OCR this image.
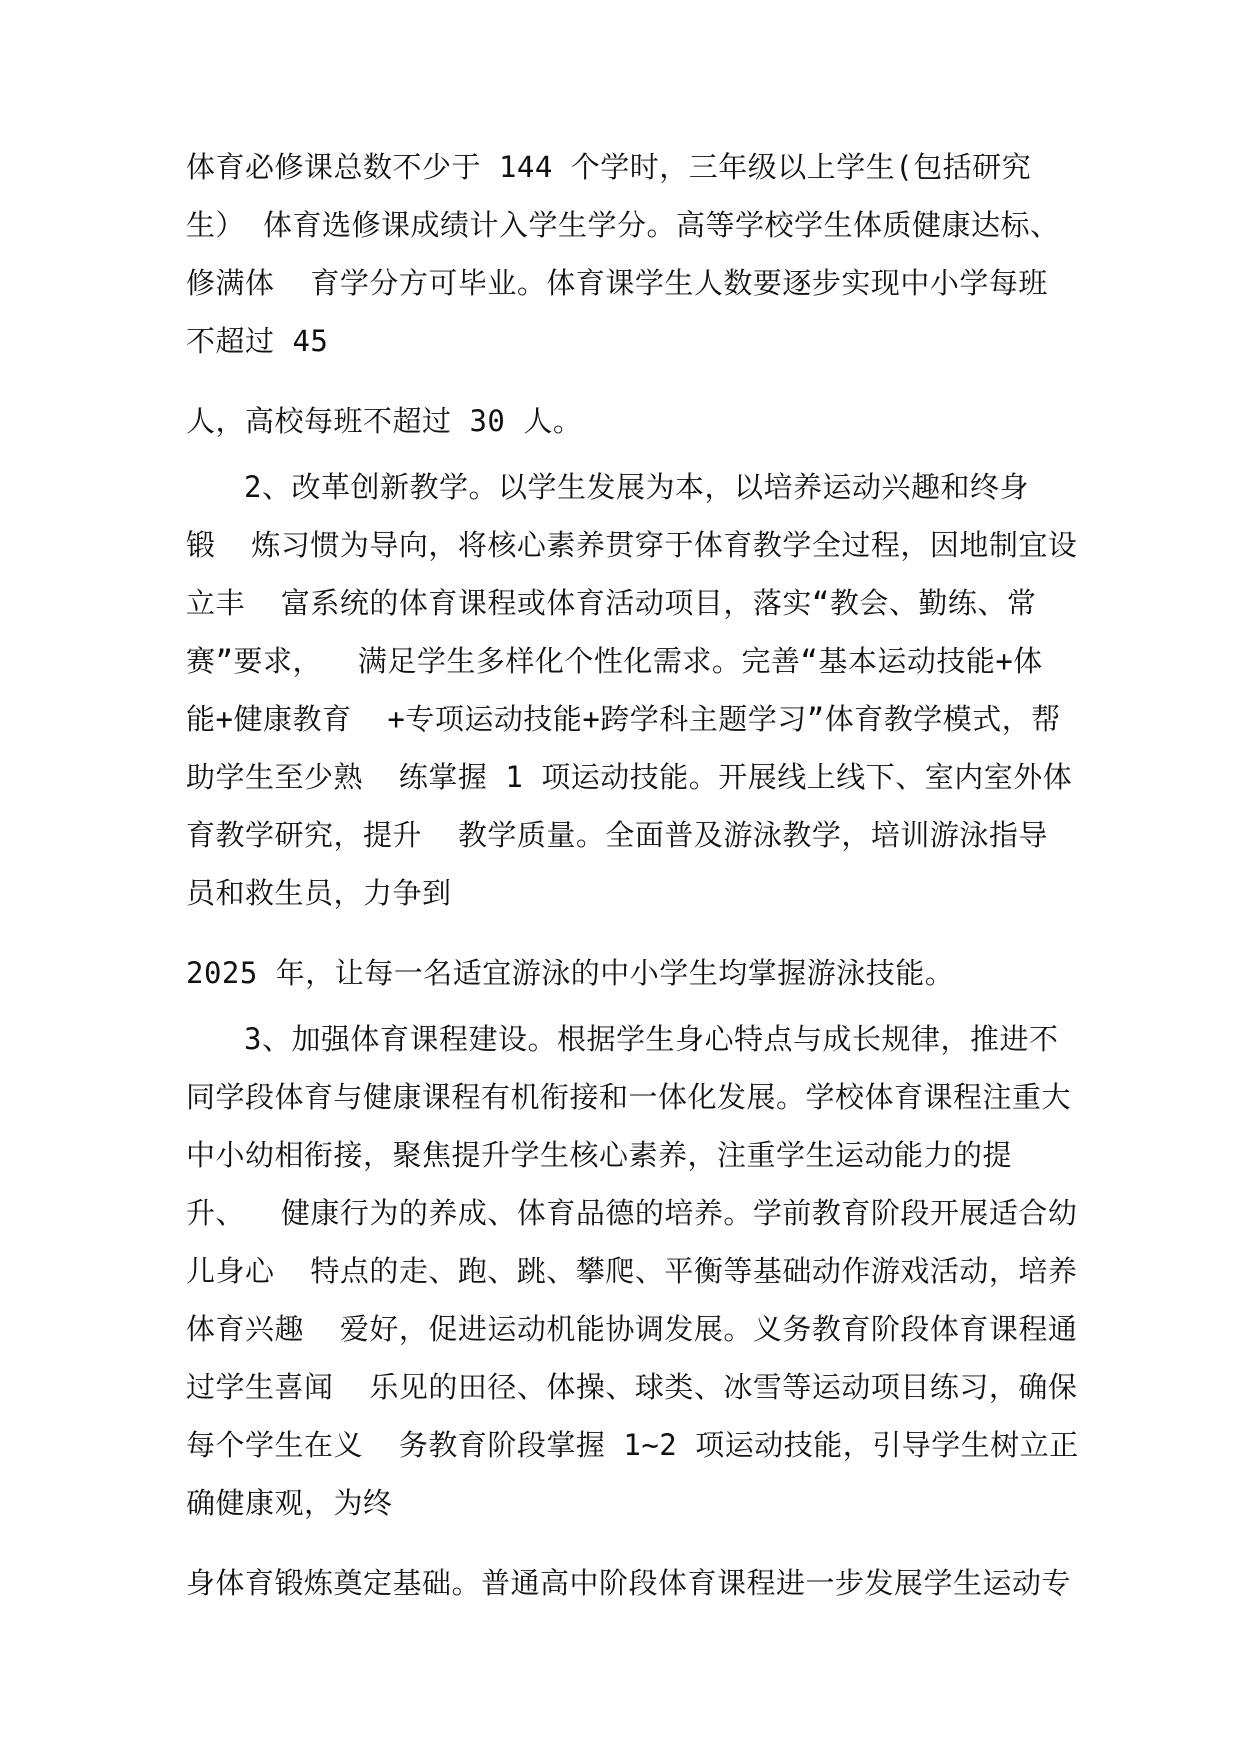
体育必修课总数不少于 144 个学时，三年级以上学生(包括研究
生） 体育选修课成绩计入学生学分。高等学校学生体质健康达标、
修满体  育学分方可毕业。体育课学生人数要逐步实现中小学每班
不超过 45
人，高校每班不超过 30 人。
2、改革创新教学。以学生发展为本，以培养运动兴趣和终身
锻  炼习惯为导向，将核心素养贯穿于体育教学全过程，因地制宜设
立丰  富系统的体育课程或体育活动项目，落实“教会、勤练、常
赛”要求，  满足学生多样化个性化需求。完善“基本运动技能+体
能+健康教育  +专项运动技能+跨学科主题学习”体育教学模式，帮
助学生至少熟  练掌握 1 项运动技能。开展线上线下、室内室外体
育教学研究，提升  教学质量。全面普及游泳教学，培训游泳指导
员和救生员，力争到
2025 年，让每一名适宜游泳的中小学生均掌握游泳技能。
3、加强体育课程建设。根据学生身心特点与成长规律，推进不
同学段体育与健康课程有机衔接和一体化发展。学校体育课程注重大
中小幼相衔接，聚焦提升学生核心素养，注重学生运动能力的提
升、  健康行为的养成、体育品德的培养。学前教育阶段开展适合幼
儿身心  特点的走、跑、跳、攀爬、平衡等基础动作游戏活动，培养
体育兴趣  爱好，促进运动机能协调发展。义务教育阶段体育课程通
过学生喜闻  乐见的田径、体操、球类、冰雪等运动项目练习，确保
每个学生在义  务教育阶段掌握 1~2 项运动技能，引导学生树立正
确健康观，为终
身体育锻炼奠定基础。普通高中阶段体育课程进一步发展学生运动专
